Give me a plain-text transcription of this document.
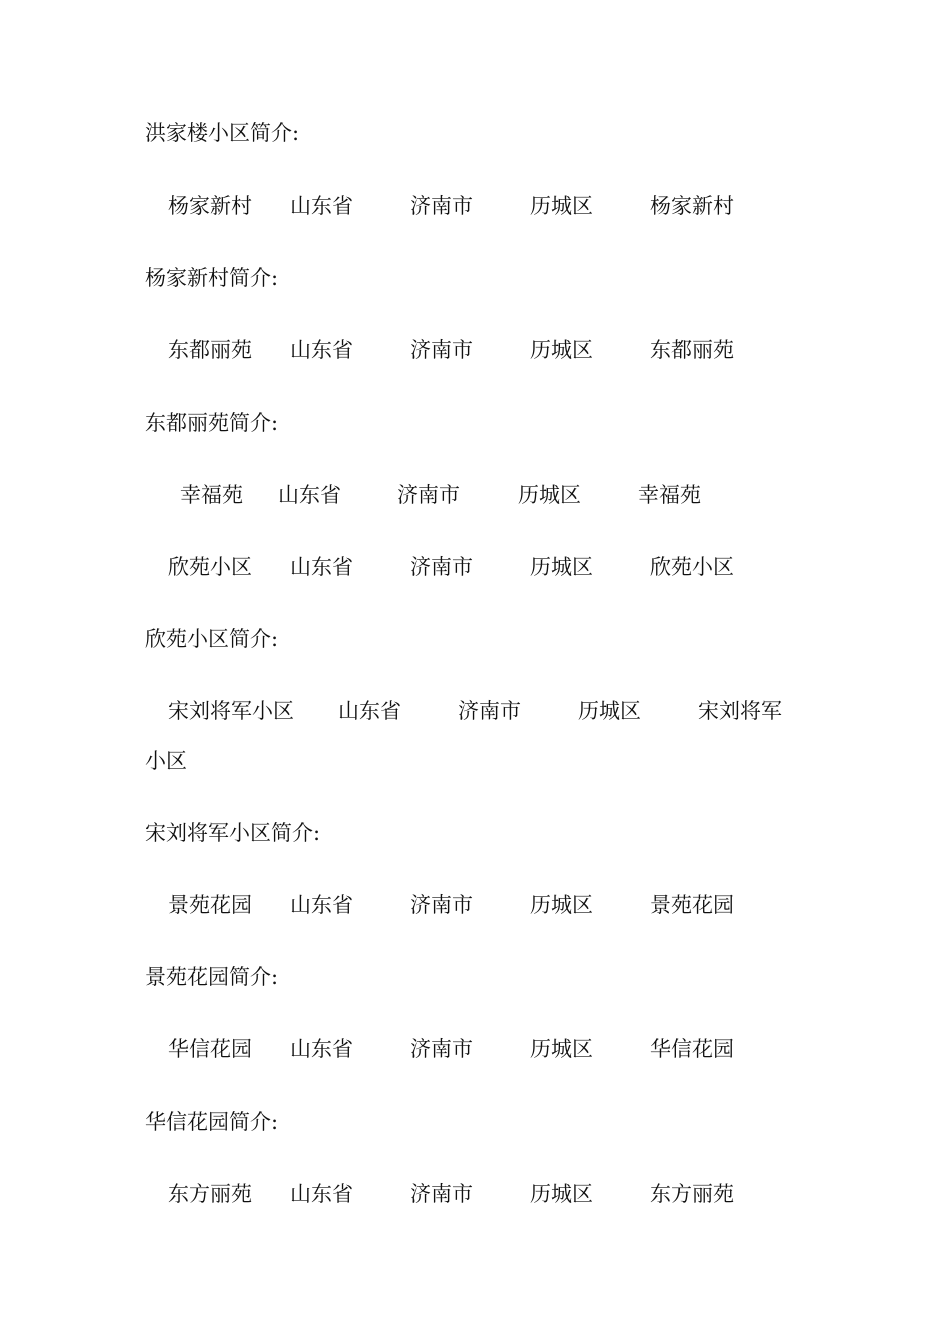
洪家楼小区简介:
杨家新村 山东省	济南市	历城区	杨家新村
杨家新村简介:
东都丽苑 山东省	济南市	历城区	东都丽苑
东都丽苑简介:
幸福苑 山东省	济南市	历城区	幸福苑
欣苑小区 山东省	济南市	历城区	欣苑小区
欣苑小区简介:
宋刘将军小区 山东省	济南市	历城区	宋刘将军
小区
宋刘将军小区简介:
景苑花园 山东省	济南市	历城区	景苑花园
景苑花园简介:
华信花园 山东省	济南市	历城区	华信花园
华信花园简介:
东方丽苑 山东省	济南市	历城区	东方丽苑
